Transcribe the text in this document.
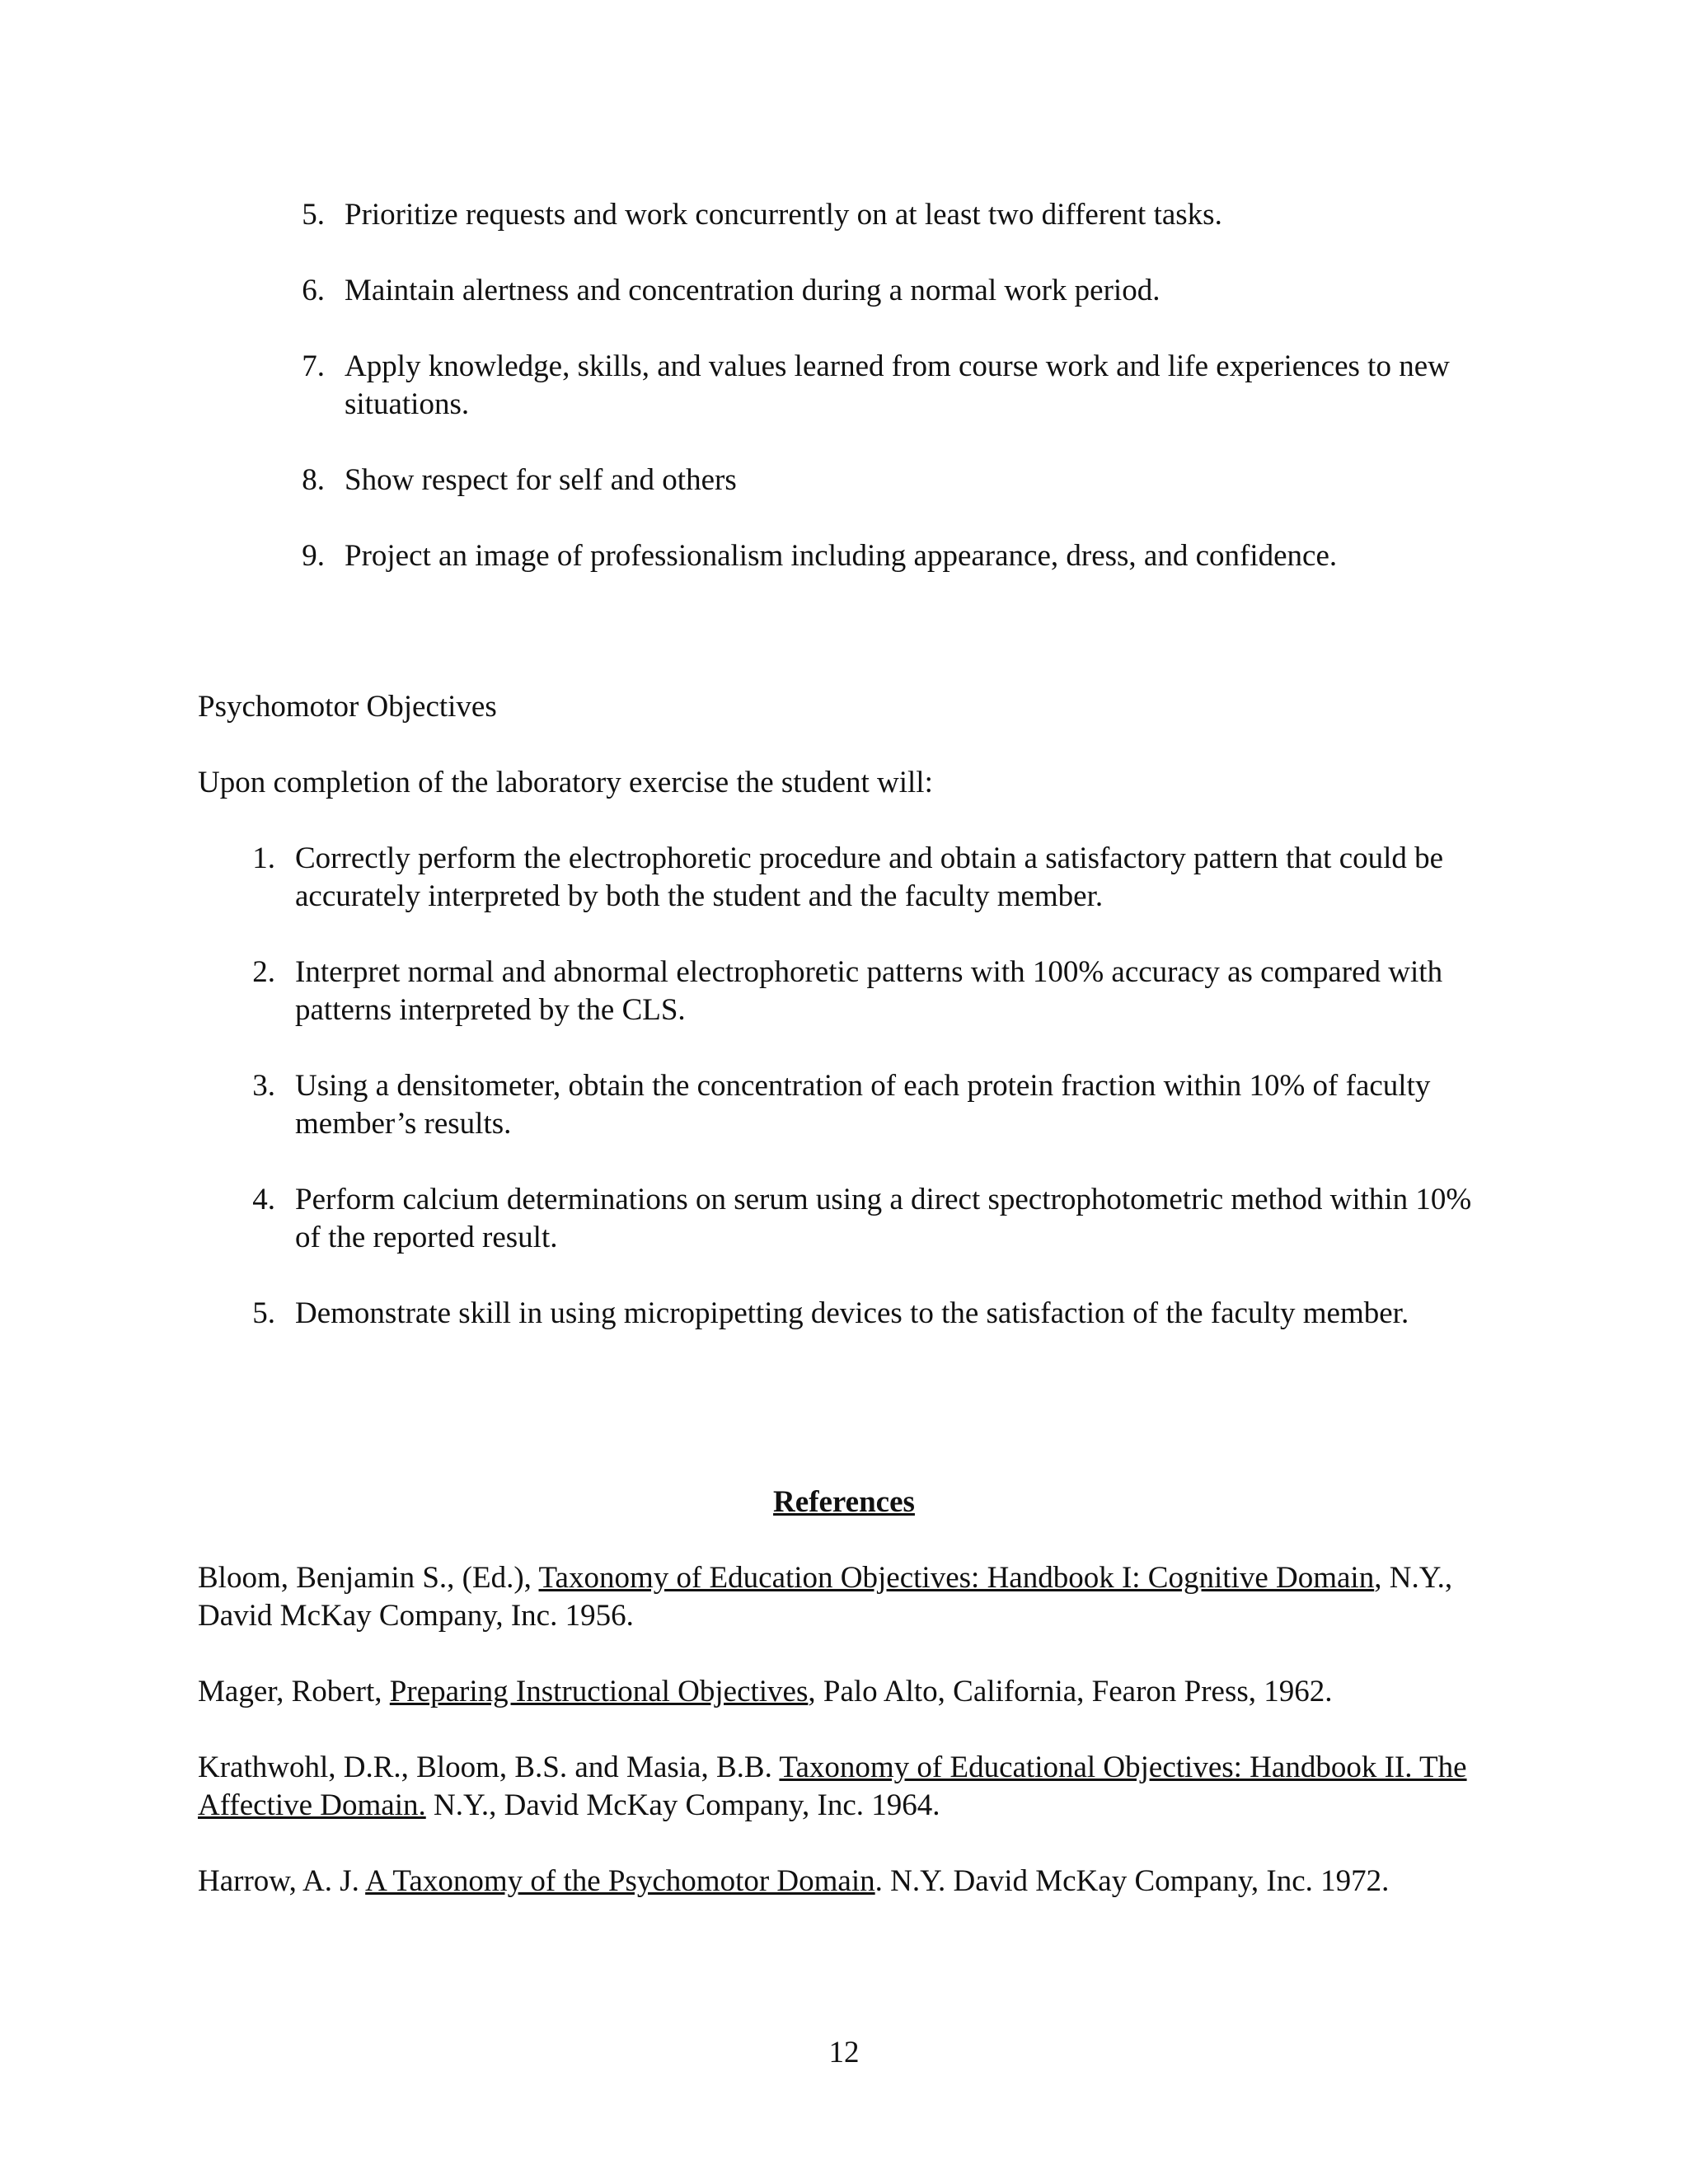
5. Prioritize requests and work concurrently on at least two different tasks.
6. Maintain alertness and concentration during a normal work period.
7. Apply knowledge, skills, and values learned from course work and life experiences to new situations.
8. Show respect for self and others
9. Project an image of professionalism including appearance, dress, and confidence.
Psychomotor Objectives
Upon completion of the laboratory exercise the student will:
1. Correctly perform the electrophoretic procedure and obtain a satisfactory pattern that could be accurately interpreted by both the student and the faculty member.
2. Interpret normal and abnormal electrophoretic patterns with 100% accuracy as compared with patterns interpreted by the CLS.
3. Using a densitometer, obtain the concentration of each protein fraction within 10% of faculty member’s results.
4. Perform calcium determinations on serum using a direct spectrophotometric method within 10% of the reported result.
5. Demonstrate skill in using micropipetting devices to the satisfaction of the faculty member.
References

Bloom, Benjamin S., (Ed.), Taxonomy of Education Objectives: Handbook I: Cognitive Domain, N.Y., David McKay Company, Inc. 1956.

Mager, Robert, Preparing Instructional Objectives, Palo Alto, California, Fearon Press, 1962.

Krathwohl, D.R., Bloom, B.S. and Masia, B.B. Taxonomy of Educational Objectives: Handbook II. The Affective Domain. N.Y., David McKay Company, Inc. 1964.

Harrow, A. J. A Taxonomy of the Psychomotor Domain. N.Y. David McKay Company, Inc. 1972.

12
